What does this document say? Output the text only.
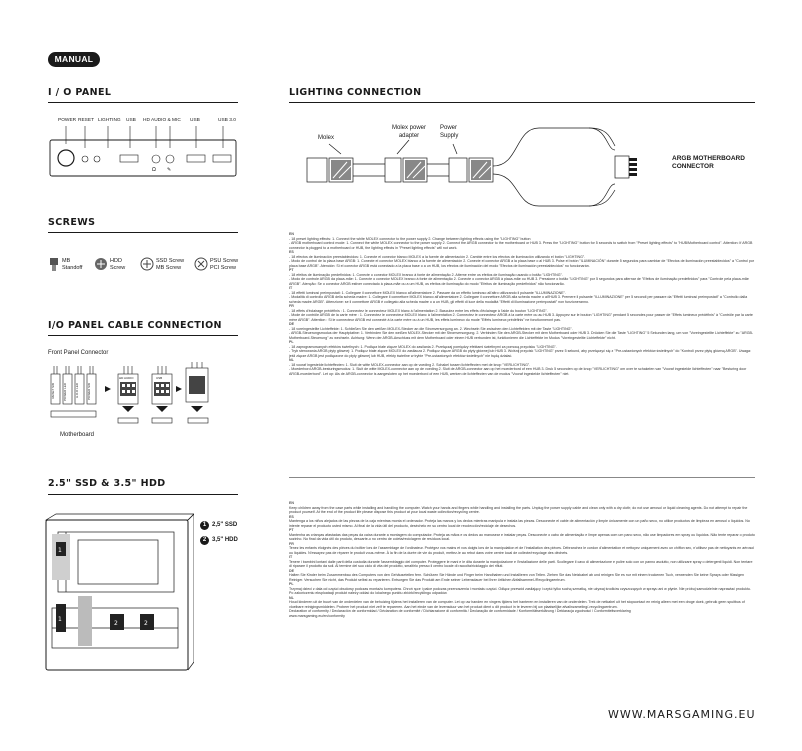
MANUAL
I / O PANEL
POWER RESET LIGHTING USB HD AUDIO & MIC USB	USB 3.0
Ω ✎
SCREWS
MB
Standoff
HDD
Screw
SSD Screw
MB Screw
PSU Screw
PCI Screw
I/O PANEL CABLE CONNECTION
Front Panel Connector
RESET SW	POWER LED	H.D.D LED	POWER SW
HD AUDIO	USB
Motherboard
2.5" SSD & 3.5" HDD
1
1
2	2
1 2,5" SSD
2 3,5" HDD
LIGHTING CONNECTION
Molex
Molex power adapter
Power Supply
ARGB MOTHERBOARD CONNECTOR

EN

- 18 preset lighting effects: 1. Connect the white MOLEX connector to the power supply 2. Change between lighting effects using the "LIGHTING" button

- ARGB motherboard control mode: 1. Connect the white MOLEX connector to the power supply 2. Connect the ARGB connector to the motherboard or HUB 3. Press the "LIGHTING" button for 5 seconds to switch from "Preset lighting effects" to "HUB/Motherboard control". Attention: If ARGB connector is plugged to a motherboard or HUB, the lighting effects in "Preset lighting effects" will not work.

ES

- 18 efectos de iluminación preestablecidos: 1. Conecte el conector blanco MOLEX a la fuente de alimentación 2. Cambie entre los efectos de iluminación utilizando el botón "LIGHTING".

- Modo de control de la placa base ARGB: 1. Conecte el conector MOLEX blanco a la fuente de alimentación 2. Conecte el conector ARGB a la placa base o al HUB 3. Pulse el botón "ILUMINACIÓN" durante 5 segundos para cambiar de "Efectos de iluminación preestablecidos" a "Control por placa base ARGB". Atención: Si el conector ARGB está conectado a la placa base o a un HUB, los efectos de iluminación del modo "Efectos de iluminación preestablecidos" no funcionarán.

PT

- 18 efeitos de iluminação predefinidos: 1. Conecte o conector MOLEX branco à fonte de alimentação 2. Alterne entre os efeitos de iluminação usando o botão "LIGHTING".

- Modo de controle ARGB da placa-mãe: 1. Conecte o conector MOLEX branco à fonte de alimentação 2. Conecte o conector ARGB à placa-mãe ou HUB 3. Pressione o botão "LIGHTING" por 5 segundos para alternar de "Efeitos de iluminação predefinidos" para "Controle pela placa-mãe ARGB". Atenção: Se o conector ARGB estiver conectado à placa-mãe ou a um HUB, os efeitos de iluminação do modo "Efeitos de iluminação predefinidos" não funcionarão.

IT

- 18 effetti luminosi preimpostati: 1. Collegare il connettore MOLEX bianco all'alimentatore 2. Passare da un effetto luminoso all'altro utilizzando il pulsante "ILLUMINAZIONE".

- Modalità di controllo ARGB della scheda madre: 1. Collegare il connettore MOLEX bianco all'alimentatore 2. Collegare il connettore ARGB alla scheda madre o all'HUB 3. Premere il pulsante "ILLUMINAZIONE" per 5 secondi per passare da "Effetti luminosi preimpostati" a "Controllo dalla scheda madre ARGB". Attenzione: se il connettore ARGB è collegato alla scheda madre o a un HUB, gli effetti di luce della modalità "Effetti di illuminazione preimpostati" non funzioneranno.

FR

- 18 effets d'éclairage prédéfinis : 1. Connectez le connecteur MOLEX blanc à l'alimentation 2. Basculez entre les effets d'éclairage à l'aide du bouton "LIGHTING".

- Mode de contrôle ARGB de la carte mère : 1. Connectez le connecteur MOLEX blanc à l'alimentation 2. Connectez le connecteur ARGB à la carte mère ou au HUB 3. Appuyez sur le bouton "LIGHTING" pendant 5 secondes pour passer de "Effets lumineux prédéfinis" à "Contrôle par la carte mère ARGB". Attention : Si le connecteur ARGB est connecté à la carte mère ou à un HUB, les effets lumineux du mode "Effets lumineux prédéfinis" ne fonctionneront pas.

DE

- 18 voreingestellte Lichteffekte: 1. Schließen Sie den weißen MOLEX-Stecker an die Stromversorgung an. 2. Wechseln Sie zwischen den Lichteffekten mit der Taste "LIGHTING".

- ARGB-Steuerungsmodus der Hauptplatine: 1. Verbinden Sie den weißen MOLEX-Stecker mit der Stromversorgung. 2. Verbinden Sie den ARGB-Stecker mit dem Motherboard oder HUB 3. Drücken Sie die Taste "LIGHTING" 5 Sekunden lang, um von "Voreingestellte Lichteffekte" zu "ARGB-Motherboard-Steuerung" zu wechseln. Achtung: Wenn der ARGB-Anschluss mit dem Motherboard oder einem HUB verbunden ist, funktionieren die Lichteffekte im Modus "Voreingestellte Lichteffekte" nicht.

PL

- 18 zaprogramowanych efektów świetlnych: 1. Podłącz białe złącze MOLEX do zasilania 2. Przełączaj pomiędzy efektami świetlnymi za pomocą przycisku "LIGHTING".

- Tryb sterowania ARGB płyty głównej: 1. Podłącz białe złącze MOLEX do zasilacza 2. Podłącz złącze ARGB do płyty głównej lub HUB 3. Wciśnij przycisk "LIGHTING" przez 5 sekund, aby przełączyć się z "Pre-ustawionych efektów świetlnych" do "Kontroli przez płytę główną ARGB". Uwaga: jeśli złącze ARGB jest podłączone do płyty głównej lub HUB, efekty świetlne w trybie "Pre-ustawionych efektów świetlnych" nie będą działać.

NL

- 18 vooraf ingestelde lichteffecten: 1. Sluit de witte MOLEX-connector aan op de voeding 2. Schakel tussen lichteffecten met de knop "VERLICHTING".

- Moederbord ARGB-besturingsmodus: 1. Sluit de witte MOLEX-connector aan op de voeding 2. Sluit de ARGB-connector aan op het moederbord of een HUB 3. Druk 5 seconden op de knop "VERLICHTING" om over te schakelen van "Vooraf ingestelde lichteffecten" naar "Besturing door ARGB-moederbord". Let op: Als de ARGB-connector is aangesloten op het moederbord of een HUB, werken de lichteffecten van de modus "Vooraf ingestelde lichteffecten" niet.

EN

Keep children away from the case parts while installing and handling the computer. Watch your hands and fingers while handling and installing the parts. Unplug the power supply cable and clean only with a dry cloth; do not use aerosol or liquid cleaning agents. Do not attempt to repair the product yourself. At the end of the product life please dispose this product at your local waste collection/recycling centre.

ES

Mantenga a los niños alejados de las piezas de la caja mientras monta el ordenador. Proteja las manos y los dedos mientras manipula e instala las piezas. Desconecte el cable de alimentación y limpie únicamente con un paño seco, no utilice productos de limpieza en aerosol o líquidos. No intente reparar el producto usted mismo. Al final de la vida útil del producto, deséchelo en su centro local de recolección/reciclaje de desechos.

PT

Mantenha as crianças afastadas das peças da caixa durante a montagem do computador. Proteja as mãos e os dedos ao manusear e instalar peças. Desconecte o cabo de alimentação e limpe apenas com um pano seco, não use limpadores em spray ou líquidos. Não tente reparar o produto sozinho. No final da vida útil do produto, descarte-o no centro de coleta/reciclagem de resíduos local.

FR

Tenez les enfants éloignés des pièces du boîtier lors de l'assemblage de l'ordinateur. Protégez vos mains et vos doigts lors de la manipulation et de l'installation des pièces. Débranchez le cordon d'alimentation et nettoyez uniquement avec un chiffon sec, n'utilisez pas de nettoyants en aérosol ou liquides. N'essayez pas de réparer le produit vous-même. À la fin de la durée de vie du produit, mettez-le au rebut dans votre centre local de collecte/recyclage des déchets.

IT

Tenere i bambini lontani dalle parti della custodia durante l'assemblaggio del computer. Proteggere le mani e le dita durante la manipolazione e l'installazione delle parti. Scollegare il cavo di alimentazione e pulire solo con un panno asciutto, non utilizzare spray o detergenti liquidi. Non tentare di riparare il prodotto da soli. Al termine del suo ciclo di vita del prodotto, smaltirlo presso il centro locale di raccolta/riciclaggio dei rifiuti.

DE

Halten Sie Kinder beim Zusammenbau des Computers von den Gehäuseteilen fern. Schützen Sie Hände und Finger beim Handhaben und Installieren von Teilen. Ziehen Sie das Netzkabel ab und reinigen Sie es nur mit einem trockenen Tuch, verwenden Sie keine Sprays oder flüssigen Reiniger. Versuchen Sie nicht, das Produkt selbst zu reparieren. Entsorgen Sie das Produkt am Ende seiner Lebensdauer bei Ihrer örtlichen Abfallsammel-/Recyclingzentrum.

PL

Trzymaj dzieci z dala od części obudowy podczas montażu komputera. Chroń ręce i palce podczas przenoszenia i montażu części. Odłącz przewód zasilający i czyść tylko suchą szmatką, nie używaj środków czyszczących w sprayu ani w płynie. Nie próbuj samodzielnie naprawiać produktu. Po zakończeniu eksploatacji produkt należy oddać do lokalnego punktu zbiórki/recyklingu odpadów.

NL

Houd kinderen uit de buurt van de onderdelen van de behuizing tijdens het installeren van de computer. Let op uw handen en vingers tijdens het hanteren en installeren van de onderdelen. Trek de netkabel uit het stopcontact en reinig alleen met een droge doek, gebruik geen spuitbus of vloeibare reinigingsmiddelen. Probeer het product niet zelf te repareren. Aan het einde van de levensduur van het product dient u dit product in te leveren bij uw plaatselijke afvalinzameling/-recyclingcentrum.

Declaration of conformity / Declaración de conformidad / Déclaration de conformité / Dichiarazione di conformità / Declaração de conformidade / Konformitätserklärung / Deklaracja zgodności / Conformiteitsverklaring

www.marsgaming.eu/en/conformity

WWW.MARSGAMING.EU
